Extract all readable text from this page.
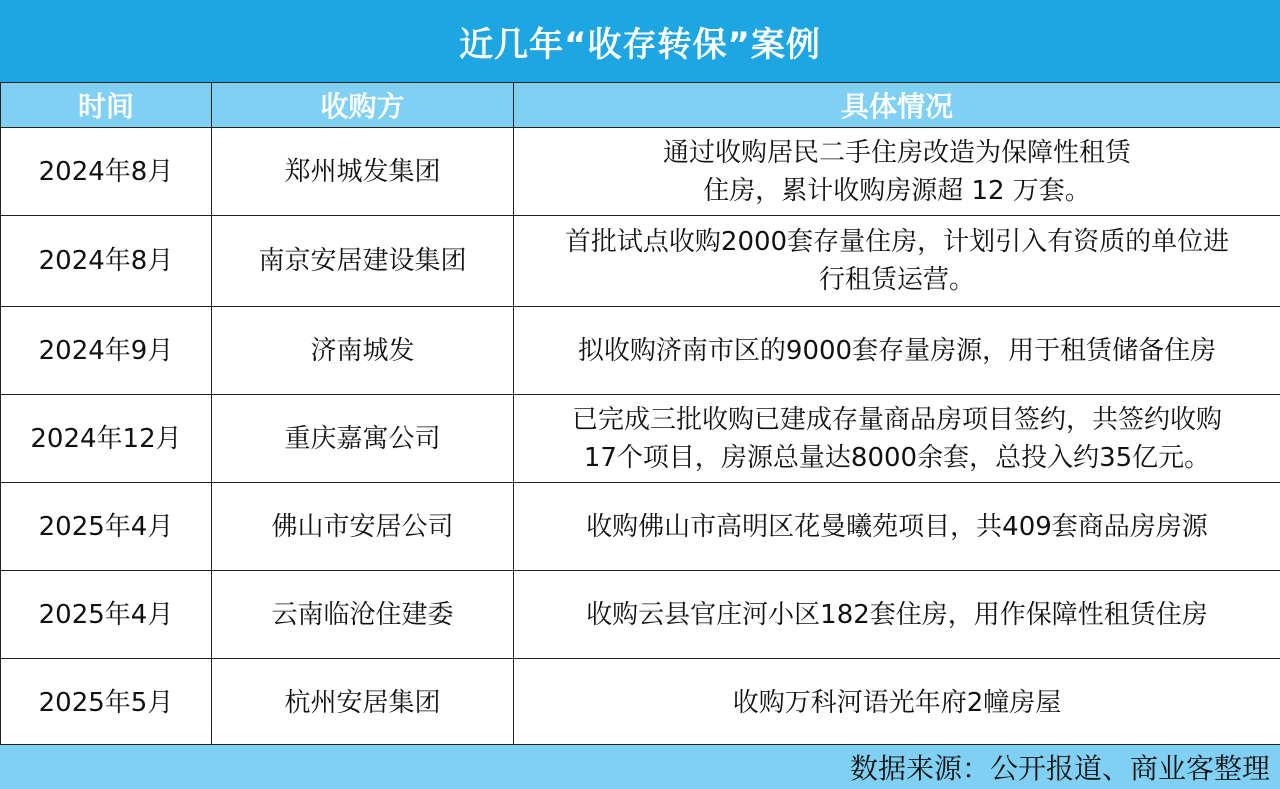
近几年“收存转保”案例
时间	收购方	具体情况
2024年8月	郑州城发集团	通过收购居民二手住房改造为保障性租赁
住房，累计收购房源超 12 万套。

2024年8月	南京安居建设集团	首批试点收购2000套存量住房，计划引入有资质的单位进
行租赁运营。

2024年9月	济南城发	拟收购济南市区的9000套存量房源，用于租赁储备住房

2024年12月	重庆嘉寓公司	已完成三批收购已建成存量商品房项目签约，共签约收购
17个项目，房源总量达8000余套，总投入约35亿元。

2025年4月	佛山市安居公司	收购佛山市高明区花曼曦苑项目，共409套商品房房源

2025年4月	云南临沧住建委	收购云县官庄河小区182套住房，用作保障性租赁住房

2025年5月	杭州安居集团	收购万科河语光年府2幢房屋
数据来源：公开报道、商业客整理
